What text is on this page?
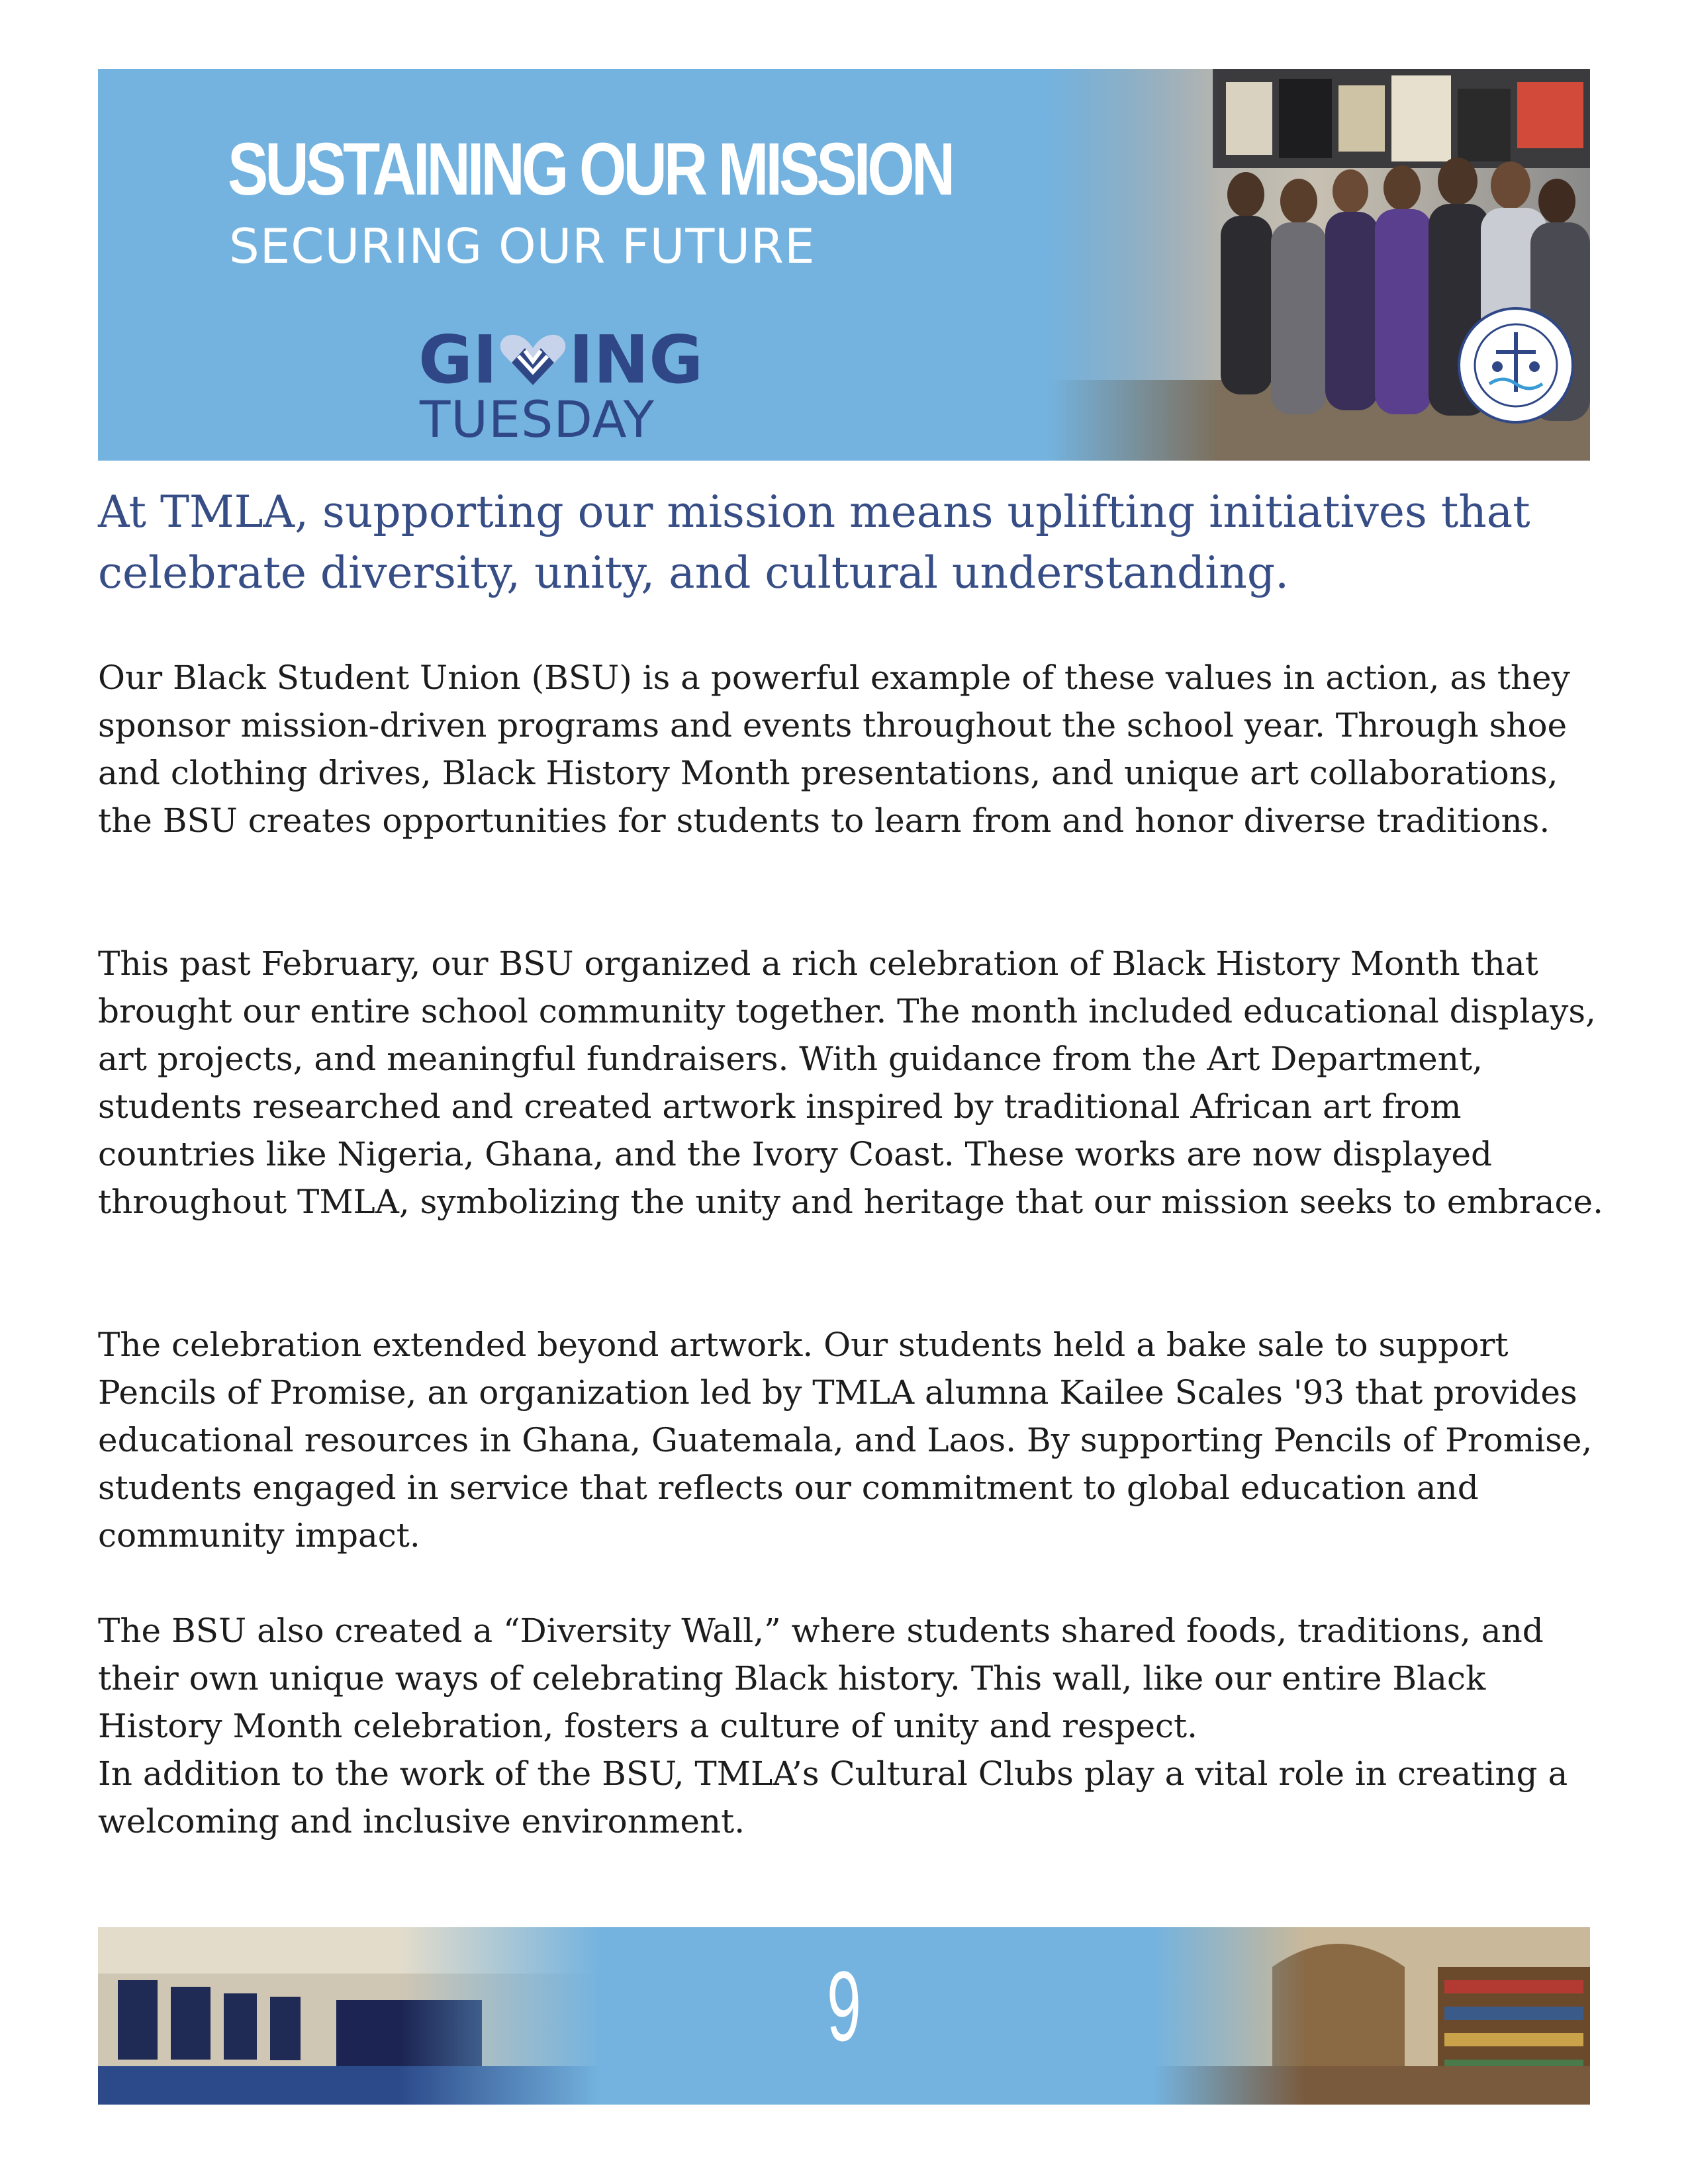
SUSTAINING OUR MISSION
SECURING OUR FUTURE
GI ING
TUESDAY

At TMLA, supporting our mission means uplifting initiatives that celebrate diversity, unity, and cultural understanding.

Our Black Student Union (BSU) is a powerful example of these values in action, as they sponsor mission-driven programs and events throughout the school year. Through shoe and clothing drives, Black History Month presentations, and unique art collaborations, the BSU creates opportunities for students to learn from and honor diverse traditions.

This past February, our BSU organized a rich celebration of Black History Month that brought our entire school community together. The month included educational displays, art projects, and meaningful fundraisers. With guidance from the Art Department, students researched and created artwork inspired by traditional African art from countries like Nigeria, Ghana, and the Ivory Coast. These works are now displayed throughout TMLA, symbolizing the unity and heritage that our mission seeks to embrace.

The celebration extended beyond artwork. Our students held a bake sale to support Pencils of Promise, an organization led by TMLA alumna Kailee Scales '93 that provides educational resources in Ghana, Guatemala, and Laos. By supporting Pencils of Promise, students engaged in service that reflects our commitment to global education and community impact.

The BSU also created a “Diversity Wall,” where students shared foods, traditions, and their own unique ways of celebrating Black history. This wall, like our entire Black History Month celebration, fosters a culture of unity and respect.

In addition to the work of the BSU, TMLA’s Cultural Clubs play a vital role in creating a welcoming and inclusive environment.

9
